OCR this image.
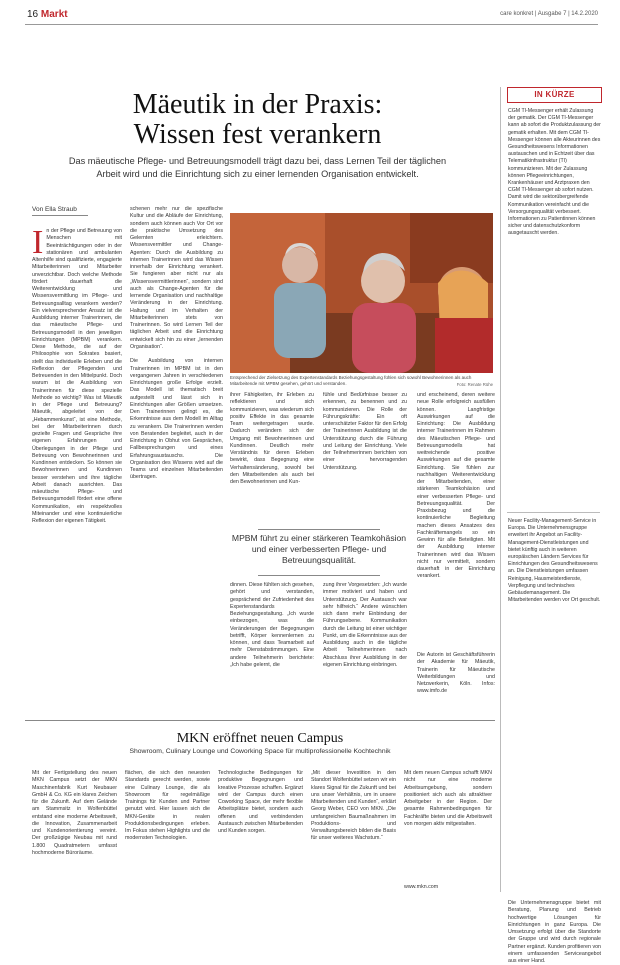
16 Markt	care konkret | Ausgabe 7 | 14.2.2020
Mäeutik in der Praxis:
Wissen fest verankern
Das mäeutische Pflege- und Betreuungsmodell trägt dazu bei, dass Lernen Teil der täglichen Arbeit wird und die Einrichtung sich zu einer lernenden Organisation entwickelt.
Von Ella Straub
In der Pflege und Betreuung von Menschen mit Beeinträchtigungen oder in der stationären und ambulanten Altenhilfe sind qualifizierte, engagierte Mitarbeiterinnen und Mitarbeiter unverzichtbar. Doch welche Methode fördert dauerhaft die Weiterentwicklung und Wissensvermittlung im Pflege- und Betreuungsalltag verankern werden? Ein vielversprechender Ansatz ist die Ausbildung interner Trainerinnen, die das mäeutische Pflege- und Betreuungsmodell in den jeweiligen Einrichtungen (MPBM) verankern. Diese Methode, die auf der Philosophie von Sokrates basiert, stellt das individuelle Erleben und die Reflexion der Pflegenden und Betreuenden in den Mittelpunkt. Doch warum ist die Ausbildung von Trainerinnen für diese spezielle Methode so wichtig? Was ist Mäeutik in der Pflege und Betreuung? Mäeutik, abgeleitet von der „Hebammenkunst“, ist eine Methode, bei der Mitarbeiterinnen durch gezielte Fragen und Gespräche ihre eigenen Erfahrungen und Überlegungen in der Pflege und Betreuung von Bewohnerinnen und Kundinnen entdecken. So können sie Bewohnerinnen und Kundinnen besser verstehen und ihre tägliche Arbeit danach ausrichten. Das mäeutische Pflege- und Betreuungsmodell fördert eine offene Kommunikation, ein respektvolles Miteinander und eine kontinuierliche Reflexion der eigenen Tätigkeit.
schenen mehr nur die spezifische Kultur und die Abläufe der Einrichtung, sondern auch können auch Vor Ort vor die praktische Umsetzung des Gelernten erleichtern. Wissensvermittler und Change-Agenten: Durch die Ausbildung zu internen Trainerinnen wird das Wissen innerhalb der Einrichtung verankert. Sie fungieren aber nicht nur als „Wissensvermittlerinnen“, sondern sind auch als Change-Agenten für die lernende Organisation und nachhaltige Veränderung in der Einrichtung. Haltung und im Verhalten der Mitarbeiterinnen stets von Trainerinnen. So wird Lernen Teil der täglichen Arbeit und die Einrichtung entwickelt sich hin zu einer „lernenden Organisation“.

Die Ausbildung von internen Trainerinnen im MPBM ist in den vergangenen Jahren in verschiedenen Einrichtungen große Erfolge erzielt. Das Modell ist thematisch breit aufgestellt und lässt sich in Einrichtungen aller Größen umsetzen. Den Trainerinnen gelingt es, die Erkenntnisse aus dem Modell im Alltag zu verankern. Die Trainerinnen werden von Beratenden begleitet, auch in der Einrichtung in Obhut von Gesprächen, Fallbesprechungen und eines Erfahrungsaustauschs. Die Organisation des Wissens wird auf die Teams und einzelnen Mitarbeitenden übertragen.
Entsprechend der Zielsetzung des Expertenstandards Beziehungsgestaltung fühlen sich sowohl Bewohnerinnen als auch Mitarbeitende mit MPBM gesehen, gehört und verstanden.	Foto: Renate Rühe
ihrer Fähigkeiten, ihr Erleben zu reflektieren und sich kommunizieren, was wiederum sich positiv Effekte in das gesamte Team weitergetragen wurde. Dadurch verändern sich der Umgang mit Bewohnerinnen und Kundinnen. Deutlich mehr Verständnis für deren Erleben bewirkt, dass Begegnung eine Verhaltensänderung, sowohl bei den Mitarbeitenden als auch bei den Bewohnerinnen und Kun-
fühle und Bedürfnisse besser zu erkennen, zu benennen und zu kommunizieren. Die Rolle der Führungskräfte: Ein oft unterschätzter Faktor für den Erfolg der Trainerinnen Ausbildung ist die Unterstützung durch die Führung und Leitung der Einrichtung. Viele der Teilnehmerinnen berichten von einer hervorragenden Unterstützung.
und erscheinend, deren weitere neue Rolle erfolgreich ausfüllen können. Langfristige Auswirkungen auf die Einrichtung: Die Ausbildung interner Trainerinnen im Rahmen des Mäeutischen Pflege- und Betreuungsmodells hat weitreichende positive Auswirkungen auf die gesamte Einrichtung. Sie fühlen zur nachhaltigen Weiterentwicklung der Mitarbeitenden, einer stärkeren Teamkohäsion und einer verbesserten Pflege- und Betreuungsqualität. Der Praxisbezug und die kontinuierliche Begleitung machen dieses Ansatzes des Fachkräftemangels so ein Gewinn für alle Beteiligten. Mit der Ausbildung interner Trainerinnen wird das Wissen nicht nur vermittelt, sondern dauerhaft in der Einrichtung verankert.
MPBM führt zu einer stärkeren Teamkohäsion und einer verbesserten Pflege- und Betreuungsqualität.
dinnen. Diese fühlten sich gesehen, gehört und verstanden, gesprächend der Zufriedenheit des Expertenstandards Beziehungsgestaltung. „Ich wurde einbezogen, was die Veränderungen der Begegnungen betrifft, Körper kennenlernen zu können, und dass Teamarbeit auf mehr Dienstabstimmungen. Eine andere Teilnehmerin berichtete: „Ich habe gelernt, die
zung ihrer Vorgesetzten: „Ich wurde immer motiviert und haben und Unterstützung. Der Austausch war sehr hilfreich.“ Andere wünschten sich dann mehr Einbindung der Führungsebene. Kommunikation durch die Leitung ist einer wichtiger Punkt, um die Erkenntnisse aus der Ausbildung auch in die tägliche Arbeit Teilnehmerinnen nach Abschluss ihrer Ausbildung in der eigenen Einrichtung einbringen.
Die Autorin ist Geschäftsführerin der Akademie für Mäeutik, Trainerin für Mäeutische Weiterbildungen und Netzwerkerin, Köln. Infos: www.imfo.de
IN KÜRZE
CGM TI-Messenger erhält Zulassung der gematik. Der CGM TI-Messenger kann ab sofort die Produktzulassung der gematik erhalten. Mit dem CGM TI-Messenger können alle Akteurinnen des Gesundheitswesens Informationen austauschen und in Echtzeit über das Telematikinfrastruktur (TI) kommunizieren. Mit der Zulassung können Pflegeeinrichtungen, Krankenhäuser und Arztpraxen den CGM TI-Messenger ab sofort nutzen. Damit wird die sektorübergreifende Kommunikation vereinfacht und die Versorgungsqualität verbessert. Informationen zu Patientinnen können sicher und datenschutzkonform ausgetauscht werden.
Neuer Facility-Management-Service in Europa. Die Unternehmensgruppe erweitert ihr Angebot an Facility-Management-Dienstleistungen und bietet künftig auch in weiteren europäischen Ländern Services für Einrichtungen des Gesundheitswesens an. Die Dienstleistungen umfassen Reinigung, Hausmeisterdienste, Verpflegung und technisches Gebäudemanagement. Die Mitarbeitenden werden vor Ort geschult.
MKN eröffnet neuen Campus
Showroom, Culinary Lounge und Coworking Space für multiprofessionelle Kochtechnik
Mit der Fertigstellung des neuen MKN Campus setzt der MKN Maschinenfabrik Kurt Neubauer GmbH & Co. KG ein klares Zeichen für die Zukunft. Auf dem Gelände am Stammsitz in Wolfenbüttel entstand eine moderne Arbeitswelt, die Innovation, Zusammenarbeit und Kundenorientierung vereint. Der großzügige Neubau mit rund 1.800 Quadratmetern umfasst hochmoderne Büroräume.
flächen, die sich den neuesten Standards gerecht werden, sowie eine Culinary Lounge, die als Showroom für regelmäßige Trainings für Kunden und Partner genutzt wird. Hier lassen sich die MKN-Geräte in realen Produktionsbedingungen erleben. Im Fokus stehen Highlights und die modernsten Technologien.
Technologische Bedingungen für produktive Begegnungen und kreative Prozesse schaffen. Ergänzt wird der Campus durch einen Coworking Space, der mehr flexible Arbeitsplätze bietet, sondern auch offenen und verbindenden Austausch zwischen Mitarbeitenden und Kunden sorgen.
„Mit dieser Investition in den Standort Wolfenbüttel setzen wir ein klares Signal für die Zukunft und bei uns unser Verhältnis, um in unsere Mitarbeitenden und Kunden“, erklärt Georg Weber, CEO von MKN. „Die umfangreichen Baumaßnahmen im Produktions- und Verwaltungsbereich bilden die Basis für unser weiteres Wachstum.“
Mit dem neuen Campus schafft MKN nicht nur eine moderne Arbeitsumgebung, sondern positioniert sich auch als attraktiver Arbeitgeber in der Region. Der gesamte Rahmenbedingungen für Fachkräfte bieten und die Arbeitswelt von morgen aktiv mitgestalten.
www.mkn.com
Die Unternehmensgruppe bietet mit Beratung, Planung und Betrieb hochwertige Lösungen für Einrichtungen in ganz Europa. Die Umsetzung erfolgt über die Standorte der Gruppe und wird durch regionale Partner ergänzt. Kunden profitieren von einem umfassenden Serviceangebot aus einer Hand.
